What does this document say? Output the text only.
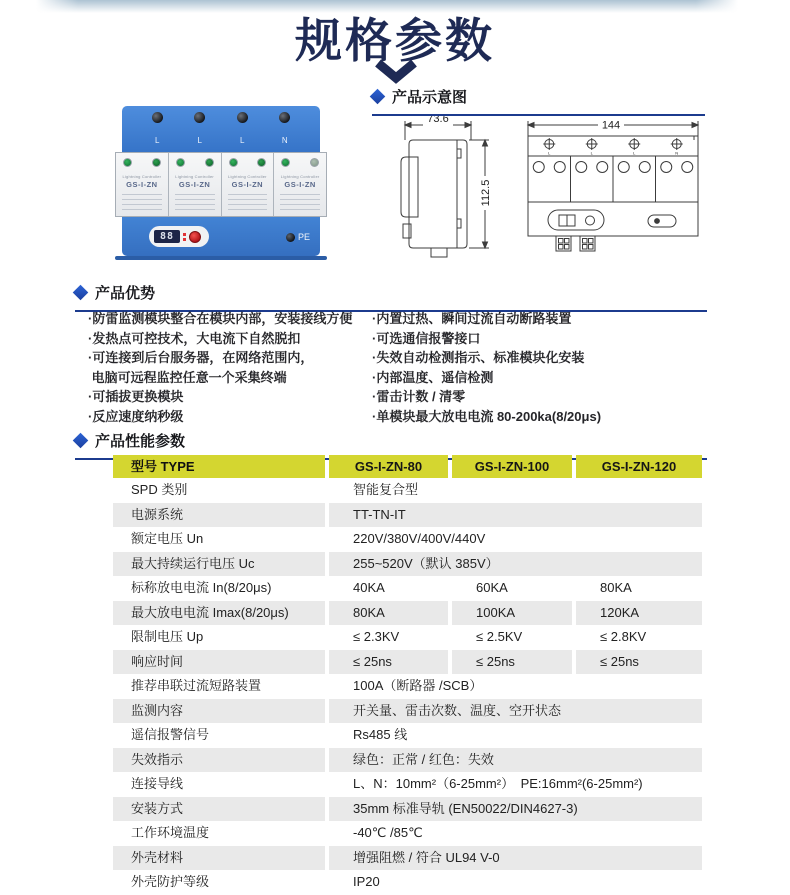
规格参数
产品示意图
L	L	L	N
Lightning Controller
GS-I-ZN
Lightning Controller
GS-I-ZN
Lightning Controller
GS-I-ZN
Lightning Controller
GS-I-ZN
88	PE
73.6
112.5
144
L	L	L	N
产品优势
·防雷监测模块整合在模块内部，安装接线方便
·发热点可控技术，大电流下自然脱扣
·可连接到后台服务器，在网络范围内，
电脑可远程监控任意一个采集终端
·可插拔更换模块
·反应速度纳秒级
·内置过热、瞬间过流自动断路装置
·可选通信报警接口
·失效自动检测指示、标准模块化安装
·内部温度、遥信检测
·雷击计数 / 清零
·单模块最大放电电流 80-200ka(8/20μs)
产品性能参数
型号 TYPE	GS-I-ZN-80	GS-I-ZN-100	GS-I-ZN-120
SPD 类别	智能复合型
电源系统	TT-TN-IT
额定电压 Un	220V/380V/400V/440V
最大持续运行电压 Uc	255~520V（默认 385V）
标称放电电流 In(8/20μs)	40KA	60KA	80KA
最大放电电流 Imax(8/20μs)	80KA	100KA	120KA
限制电压 Up	≤ 2.3KV	≤ 2.5KV	≤ 2.8KV
响应时间	≤ 25ns	≤ 25ns	≤ 25ns
推荐串联过流短路装置	100A（断路器 /SCB）
监测内容	开关量、雷击次数、温度、空开状态
遥信报警信号	Rs485 线
失效指示	绿色：正常 / 红色：失效
连接导线	L、N：10mm²（6-25mm²）　PE:16mm²(6-25mm²)
安装方式	35mm 标准导轨 (EN50022/DIN4627-3)
工作环境温度	-40℃ /85℃
外壳材料	增强阻燃 / 符合 UL94 V-0
外壳防护等级	IP20
